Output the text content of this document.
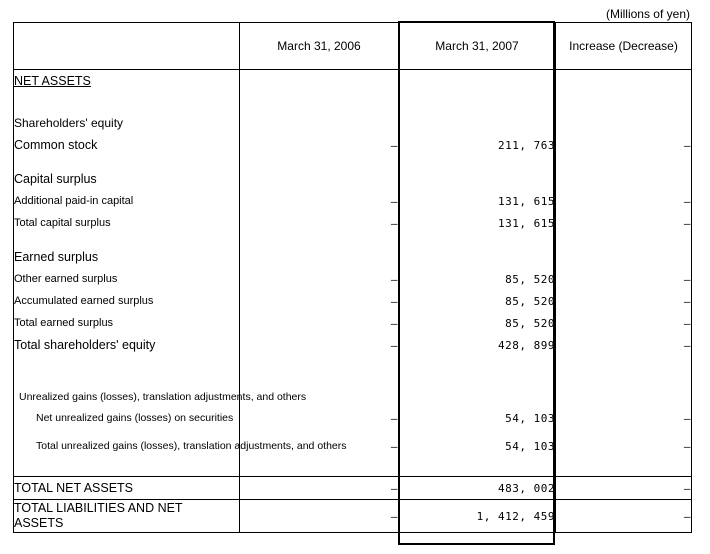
(Millions of yen)
	March 31, 2006	March 31, 2007	Increase (Decrease)
NET ASSETS			

Shareholders' equity			
Common stock	–	211, 763	–

Capital surplus			
Additional paid-in capital	–	131, 615	–
Total capital surplus	–	131, 615	–

Earned surplus			
Other earned surplus	–	85, 520	–
Accumulated earned surplus	–	85, 520	–
Total earned surplus	–	85, 520	–
Total shareholders' equity	–	428, 899	–

Unrealized gains (losses), translation adjustments, and others			
Net unrealized gains (losses) on securities	–	54, 103	–
Total unrealized gains (losses), translation adjustments, and others	–	54, 103	–

TOTAL NET ASSETS	–	483, 002	–
TOTAL LIABILITIES AND NET ASSETS	–	1, 412, 459	–
